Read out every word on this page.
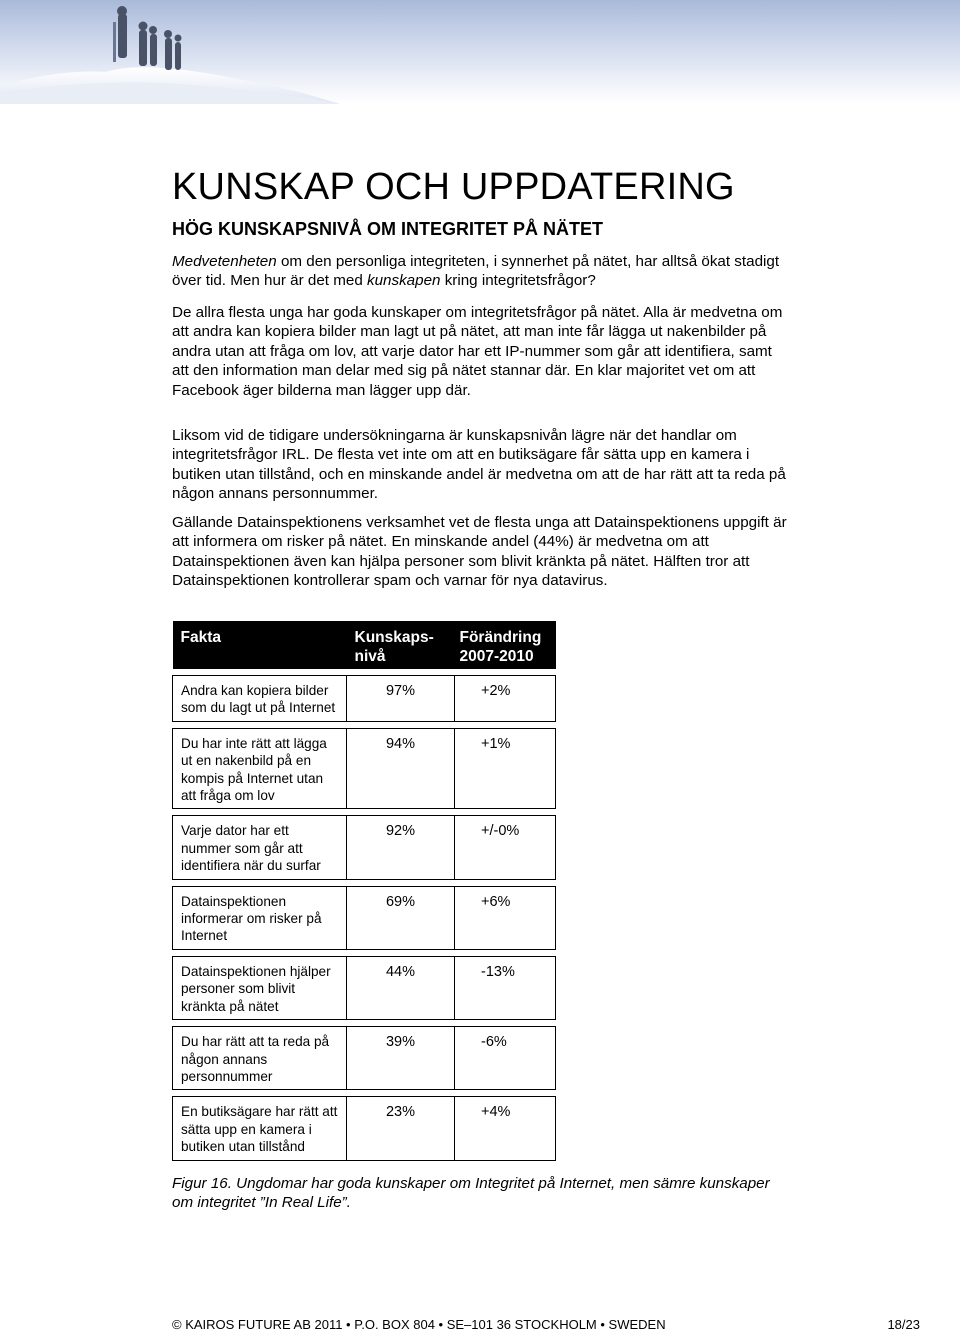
KUNSKAP OCH UPPDATERING
HÖG KUNSKAPSNIVÅ OM INTEGRITET PÅ NÄTET

Medvetenheten om den personliga integriteten, i synnerhet på nätet, har alltså ökat stadigt över tid. Men hur är det med kunskapen kring integritetsfrågor?

De allra flesta unga har goda kunskaper om integritetsfrågor på nätet. Alla är medvetna om att andra kan kopiera bilder man lagt ut på nätet, att man inte får lägga ut nakenbilder på andra utan att fråga om lov, att varje dator har ett IP-nummer som går att identifiera, samt att den information man delar med sig på nätet stannar där. En klar majoritet vet om att Facebook äger bilderna man lägger upp där.

Liksom vid de tidigare undersökningarna är kunskapsnivån lägre när det handlar om integritetsfrågor IRL. De flesta vet inte om att en butiksägare får sätta upp en kamera i butiken utan tillstånd, och en minskande andel är medvetna om att de har rätt att ta reda på någon annans personnummer.

Gällande Datainspektionens verksamhet vet de flesta unga att Datainspektionens uppgift är att informera om risker på nätet. En minskande andel (44%) är medvetna om att Datainspektionen även kan hjälpa personer som blivit kränkta på nätet. Hälften tror att Datainspektionen kontrollerar spam och varnar för nya datavirus.

Fakta	Kunskaps-nivå	Förändring 2007-2010

Andra kan kopiera bilder som du lagt ut på Internet	97%	+2%

Du har inte rätt att lägga ut en nakenbild på en kompis på Internet utan att fråga om lov	94%	+1%

Varje dator har ett nummer som går att identifiera när du surfar	92%	+/-0%

Datainspektionen informerar om risker på Internet	69%	+6%

Datainspektionen hjälper personer som blivit kränkta på nätet	44%	-13%

Du har rätt att ta reda på någon annans personnummer	39%	-6%

En butiksägare har rätt att sätta upp en kamera i butiken utan tillstånd	23%	+4%

Figur 16. Ungdomar har goda kunskaper om Integritet på Internet, men sämre kunskaper om integritet ”In Real Life”.

© KAIROS FUTURE AB 2011 • P.O. BOX 804 • SE–101 36 STOCKHOLM • SWEDEN	18/23
